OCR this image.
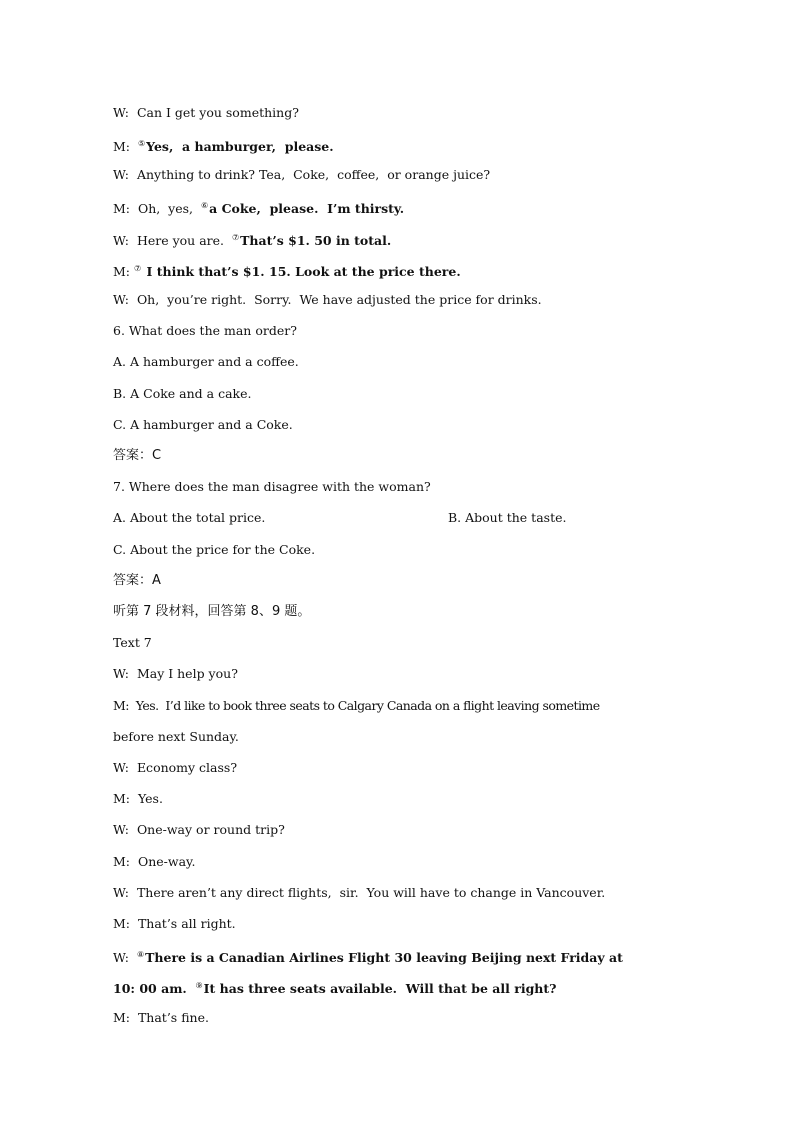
W: Can I get you something?
M: ⑤Yes,  a hamburger,  please.
W: Anything to drink? Tea,  Coke,  coffee,  or orange juice?
M: Oh,  yes,  ⑥a Coke,  please.  I’m thirsty.
W: Here you are.  ⑦That’s $1. 50 in total.
M: ⑦ I think that’s $1. 15. Look at the price there.
W: Oh,  you’re right.  Sorry.  We have adjusted the price for drinks.
6. What does the man order?
A. A hamburger and a coffee.
B. A Coke and a cake.
C. A hamburger and a Coke.
答案：C
7. Where does the man disagree with the woman?
A. About the total price.	B. About the taste.
C. About the price for the Coke.
答案：A
听第 7 段材料，回答第 8、9 题。
Text 7
W: May I help you?
M: Yes.  I’d like to book three seats to Calgary Canada on a flight leaving sometime
before next Sunday.
W: Economy class?
M: Yes.
W: One-way or round trip?
M: One-way.
W: There aren’t any direct flights,  sir.  You will have to change in Vancouver.
M: That’s all right.
W: ⑧There is a Canadian Airlines Flight 30 leaving Beijing next Friday at
10: 00 am.  ⑨It has three seats available.  Will that be all right?
M: That’s fine.
